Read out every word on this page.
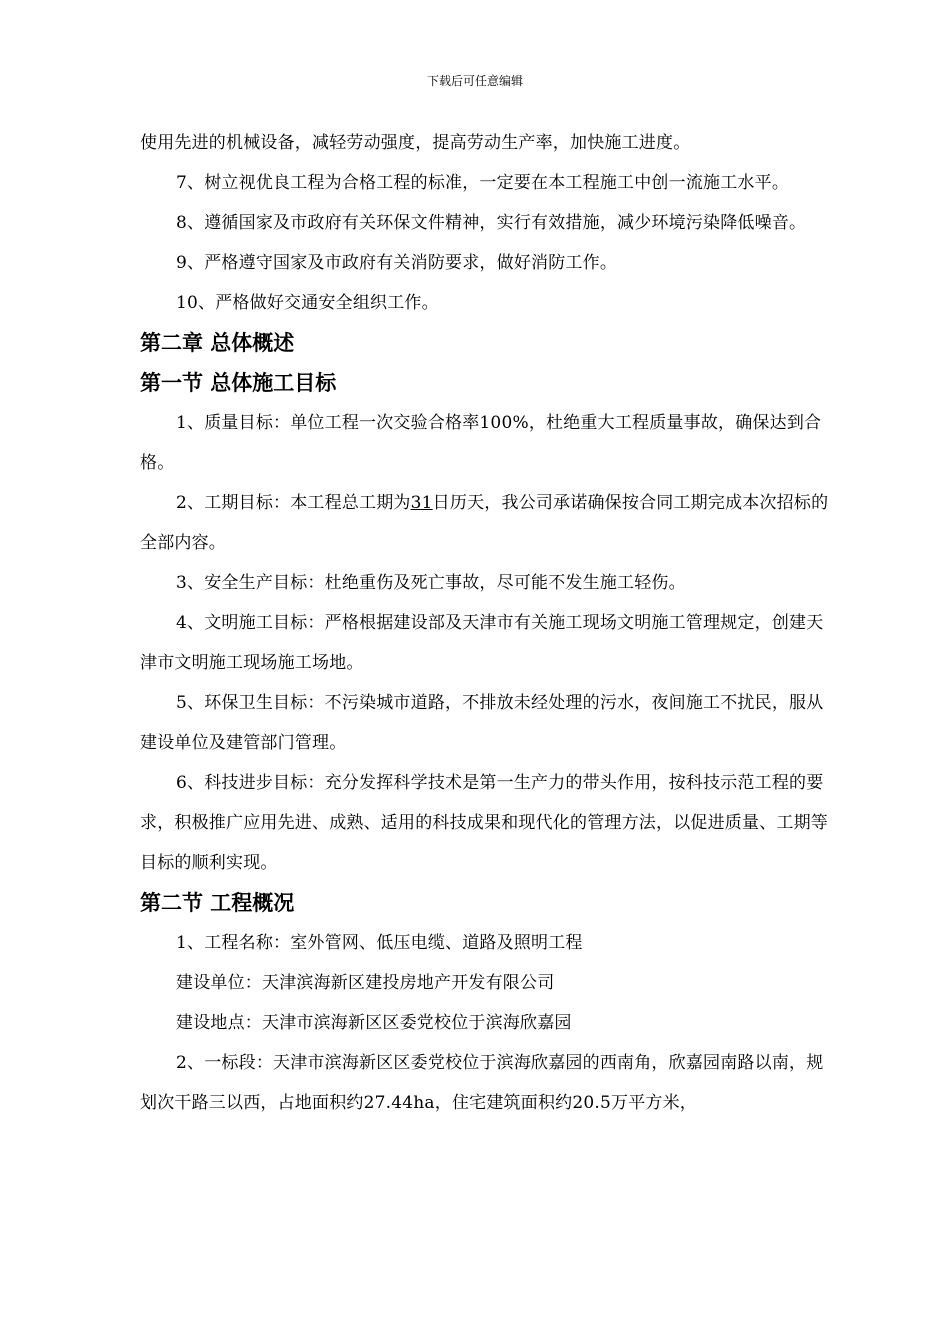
下载后可任意编辑

使用先进的机械设备，减轻劳动强度，提高劳动生产率，加快施工进度。

7、树立视优良工程为合格工程的标准，一定要在本工程施工中创一流施工水平。

8、遵循国家及市政府有关环保文件精神，实行有效措施，减少环境污染降低噪音。

9、严格遵守国家及市政府有关消防要求，做好消防工作。

10、严格做好交通安全组织工作。

第二章 总体概述
第一节 总体施工目标

1、质量目标：单位工程一次交验合格率100%，杜绝重大工程质量事故，确保达到合格。

2、工期目标：本工程总工期为31日历天，我公司承诺确保按合同工期完成本次招标的全部内容。

3、安全生产目标：杜绝重伤及死亡事故，尽可能不发生施工轻伤。

4、文明施工目标：严格根据建设部及天津市有关施工现场文明施工管理规定，创建天津市文明施工现场施工场地。

5、环保卫生目标：不污染城市道路，不排放未经处理的污水，夜间施工不扰民，服从建设单位及建管部门管理。

6、科技进步目标：充分发挥科学技术是第一生产力的带头作用，按科技示范工程的要求，积极推广应用先进、成熟、适用的科技成果和现代化的管理方法，以促进质量、工期等目标的顺利实现。

第二节 工程概况

1、工程名称：室外管网、低压电缆、道路及照明工程

建设单位：天津滨海新区建投房地产开发有限公司

建设地点：天津市滨海新区区委党校位于滨海欣嘉园

2、一标段：天津市滨海新区区委党校位于滨海欣嘉园的西南角，欣嘉园南路以南，规划次干路三以西，占地面积约27.44ha，住宅建筑面积约20.5万平方米，
